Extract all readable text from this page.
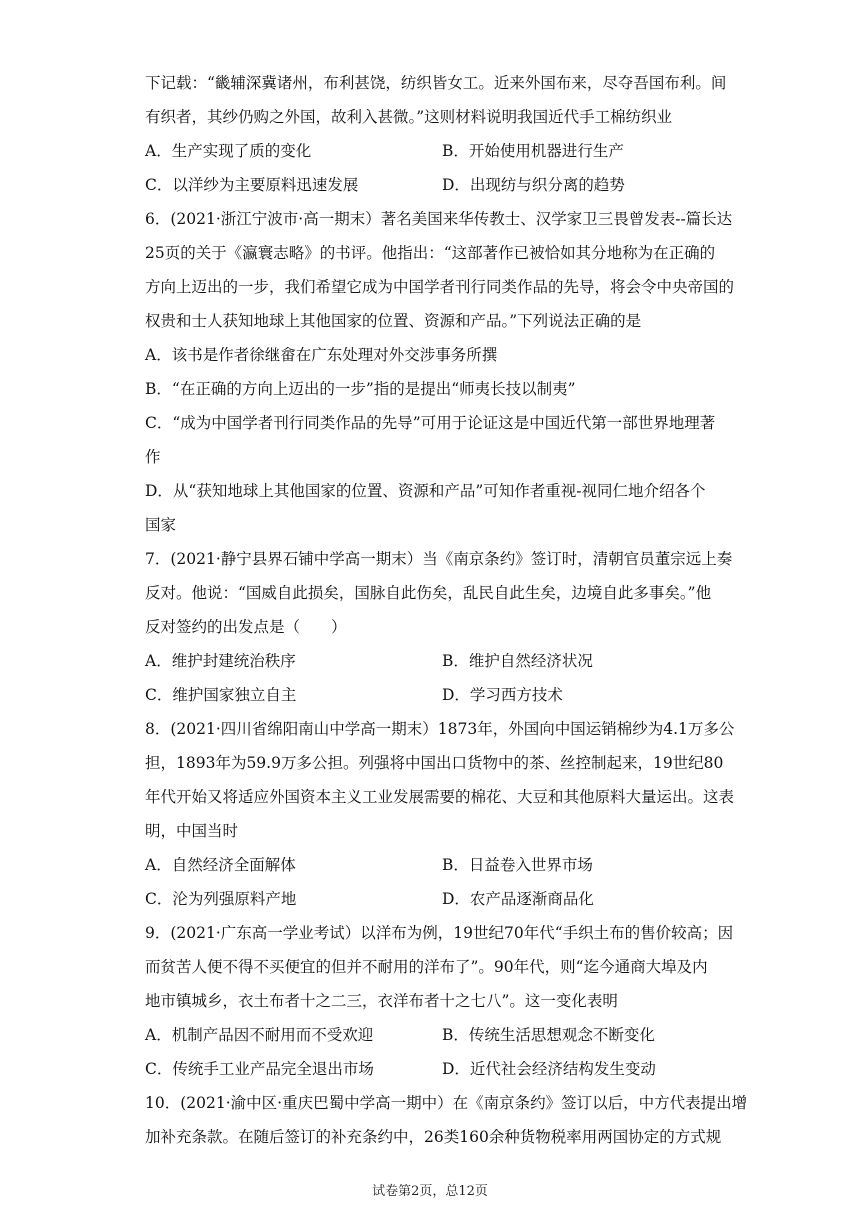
下记载：“畿辅深冀诸州，布利甚饶，纺织皆女工。近来外国布来，尽夺吾国布利。间
有织者，其纱仍购之外国，故利入甚微。”这则材料说明我国近代手工棉纺织业
A．生产实现了质的变化	B．开始使用机器进行生产
C．以洋纱为主要原料迅速发展	D．出现纺与织分离的趋势
6．(2021·浙江宁波市·高一期末）著名美国来华传教士、汉学家卫三畏曾发表--篇长达
25页的关于《瀛寰志略》的书评。他指出：“这部著作已被恰如其分地称为在正确的
方向上迈出的一步，我们希望它成为中国学者刊行同类作品的先导，将会令中央帝国的
权贵和士人获知地球上其他国家的位置、资源和产品。”下列说法正确的是
A．该书是作者徐继畲在广东处理对外交涉事务所撰
B．“在正确的方向上迈出的一步”指的是提出“师夷长技以制夷”
C．“成为中国学者刊行同类作品的先导”可用于论证这是中国近代第一部世界地理著
作
D．从“获知地球上其他国家的位置、资源和产品”可知作者重视-视同仁地介绍各个
国家
7．(2021·静宁县界石铺中学高一期末）当《南京条约》签订时，清朝官员董宗远上奏
反对。他说：“国威自此损矣，国脉自此伤矣，乱民自此生矣，边境自此多事矣。”他
反对签约的出发点是（　　）
A．维护封建统治秩序	B．维护自然经济状况
C．维护国家独立自主	D．学习西方技术
8．(2021·四川省绵阳南山中学高一期末）1873年，外国向中国运销棉纱为4.1万多公
担，1893年为59.9万多公担。列强将中国出口货物中的茶、丝控制起来，19世纪80
年代开始又将适应外国资本主义工业发展需要的棉花、大豆和其他原料大量运出。这表
明，中国当时
A．自然经济全面解体	B．日益卷入世界市场
C．沦为列强原料产地	D．农产品逐渐商品化
9．(2021·广东高一学业考试）以洋布为例，19世纪70年代“手织土布的售价较高；因
而贫苦人便不得不买便宜的但并不耐用的洋布了”。90年代，则“迄今通商大埠及内
地市镇城乡，衣土布者十之二三，衣洋布者十之七八”。这一变化表明
A．机制产品因不耐用而不受欢迎	B．传统生活思想观念不断变化
C．传统手工业产品完全退出市场	D．近代社会经济结构发生变动
10．(2021·渝中区·重庆巴蜀中学高一期中）在《南京条约》签订以后，中方代表提出增
加补充条款。在随后签订的补充条约中，26类160余种货物税率用两国协定的方式规
试卷第2页，总12页
